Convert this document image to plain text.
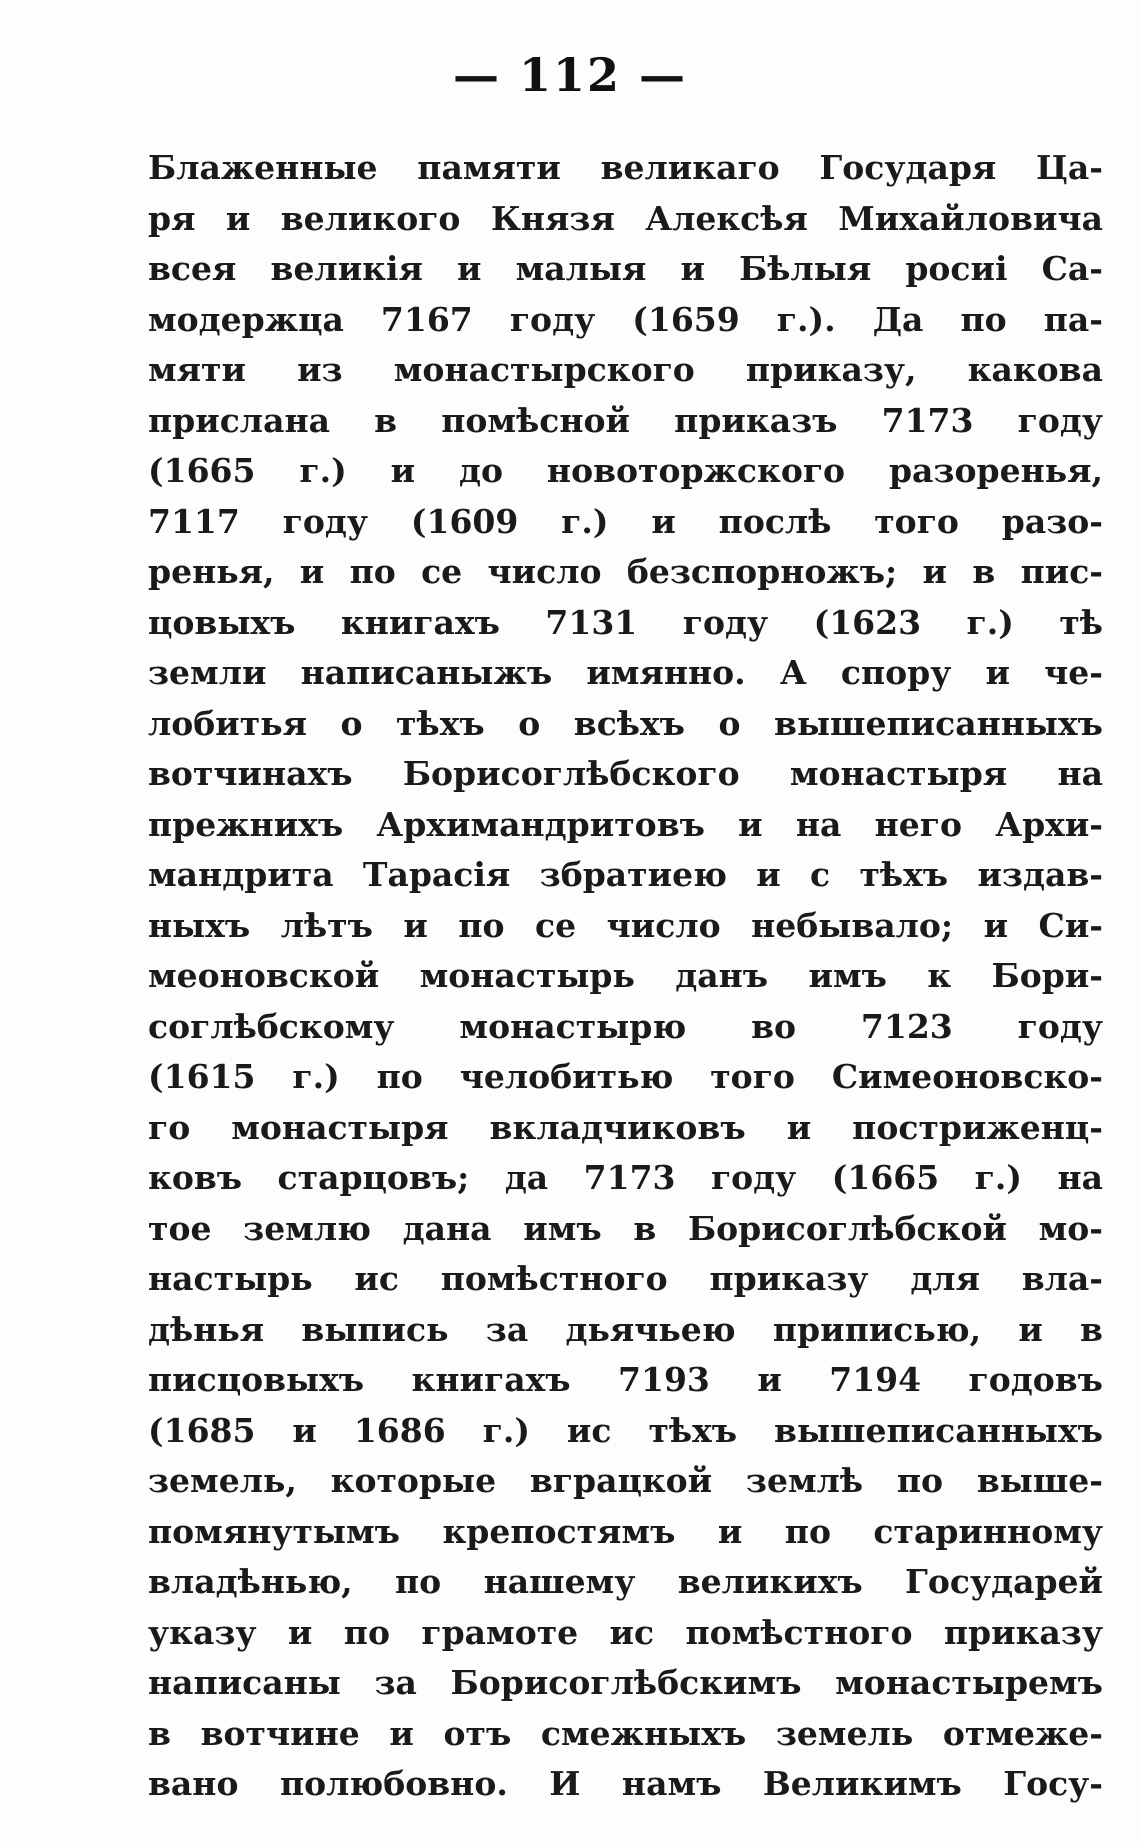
— 112 —
Блаженные памяти великаго Государя Ца-
ря и великого Князя Алексѣя Михайловича
всея великія и малыя и Бѣлыя росиі Са-
модержца 7167 году (1659 г.). Да по па-
мяти из монастырского приказу, какова
прислана в помѣсной приказъ 7173 году
(1665 г.) и до новоторжского разоренья,
7117 году (1609 г.) и послѣ того разо-
ренья, и по се число безспорножъ; и в пис-
цовыхъ книгахъ 7131 году (1623 г.) тѣ
земли написаныжъ имянно. А спору и че-
лобитья о тѣхъ о всѣхъ о вышеписанныхъ
вотчинахъ Борисоглѣбского монастыря на
прежнихъ Архимандритовъ и на него Архи-
мандрита Тарасія збратиею и с тѣхъ издав-
ныхъ лѣтъ и по се число небывало; и Си-
меоновской монастырь данъ имъ к Бори-
соглѣбскому монастырю во 7123 году
(1615 г.) по челобитью того Симеоновско-
го монастыря вкладчиковъ и постриженц-
ковъ старцовъ; да 7173 году (1665 г.) на
тое землю дана имъ в Борисоглѣбской мо-
настырь ис помѣстного приказу для вла-
дѣнья выпись за дьячьею приписью, и в
писцовыхъ книгахъ 7193 и 7194 годовъ
(1685 и 1686 г.) ис тѣхъ вышеписанныхъ
земель, которые вграцкой землѣ по выше-
помянутымъ крепостямъ и по старинному
владѣнью, по нашему великихъ Государей
указу и по грамоте ис помѣстного приказу
написаны за Борисоглѣбскимъ монастыремъ
в вотчине и отъ смежныхъ земель отмеже-
вано полюбовно. И намъ Великимъ Госу-
